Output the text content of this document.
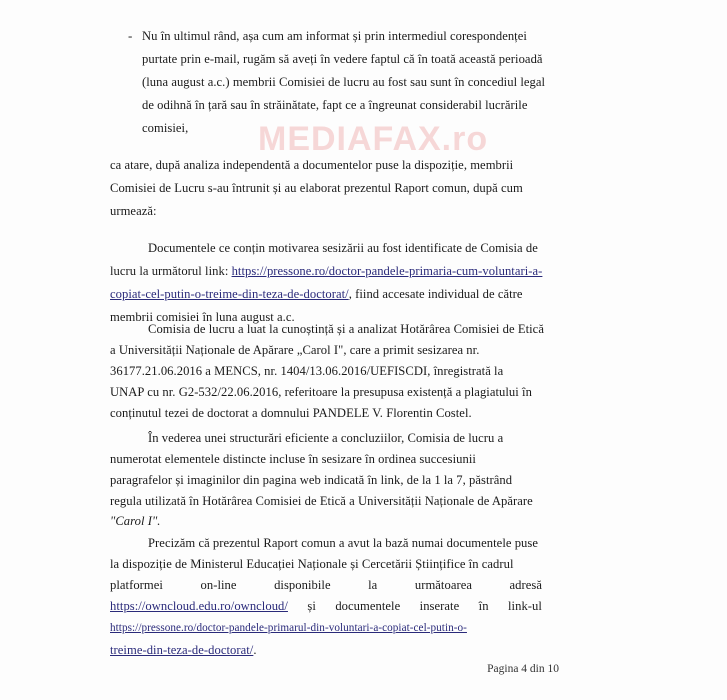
MEDIAFAX.ro
- Nu în ultimul rând, așa cum am informat și prin intermediul corespondenței
purtate prin e-mail, rugăm să aveți în vedere faptul că în toată această perioadă
(luna august a.c.) membrii Comisiei de lucru au fost sau sunt în concediul legal
de odihnă în țară sau în străinătate, fapt ce a îngreunat considerabil lucrările
comisiei,
ca atare, după analiza independentă a documentelor puse la dispoziție, membrii
Comisiei de Lucru s-au întrunit și au elaborat prezentul Raport comun, după cum
urmează:
Documentele ce conțin motivarea sesizării au fost identificate de Comisia de
lucru la următorul link: https://pressone.ro/doctor-pandele-primaria-cum-voluntari-a-
copiat-cel-putin-o-treime-din-teza-de-doctorat/, fiind accesate individual de către
membrii comisiei în luna august a.c.
Comisia de lucru a luat la cunoștință și a analizat Hotărârea Comisiei de Etică
a Universității Naționale de Apărare „Carol I", care a primit sesizarea nr.
36177.21.06.2016 a MENCS, nr. 1404/13.06.2016/UEFISCDI, înregistrată la
UNAP cu nr. G2-532/22.06.2016, referitoare la presupusa existență a plagiatului în
conținutul tezei de doctorat a domnului PANDELE V. Florentin Costel.
În vederea unei structurări eficiente a concluziilor, Comisia de lucru a
numerotat elementele distincte incluse în sesizare în ordinea succesiunii
paragrafelor și imaginilor din pagina web indicată în link, de la 1 la 7, păstrând
regula utilizată în Hotărârea Comisiei de Etică a Universității Naționale de Apărare
"Carol I".
Precizăm că prezentul Raport comun a avut la bază numai documentele puse
la dispoziție de Ministerul Educației Naționale și Cercetării Științifice în cadrul
platformei	on-line	disponibile	la	următoarea	adresă
https://owncloud.edu.ro/owncloud/ și documentele inserate în link-ul
https://pressone.ro/doctor-pandele-primarul-din-voluntari-a-copiat-cel-putin-o-
Pagina 4 din 10
treime-din-teza-de-doctorat/.
